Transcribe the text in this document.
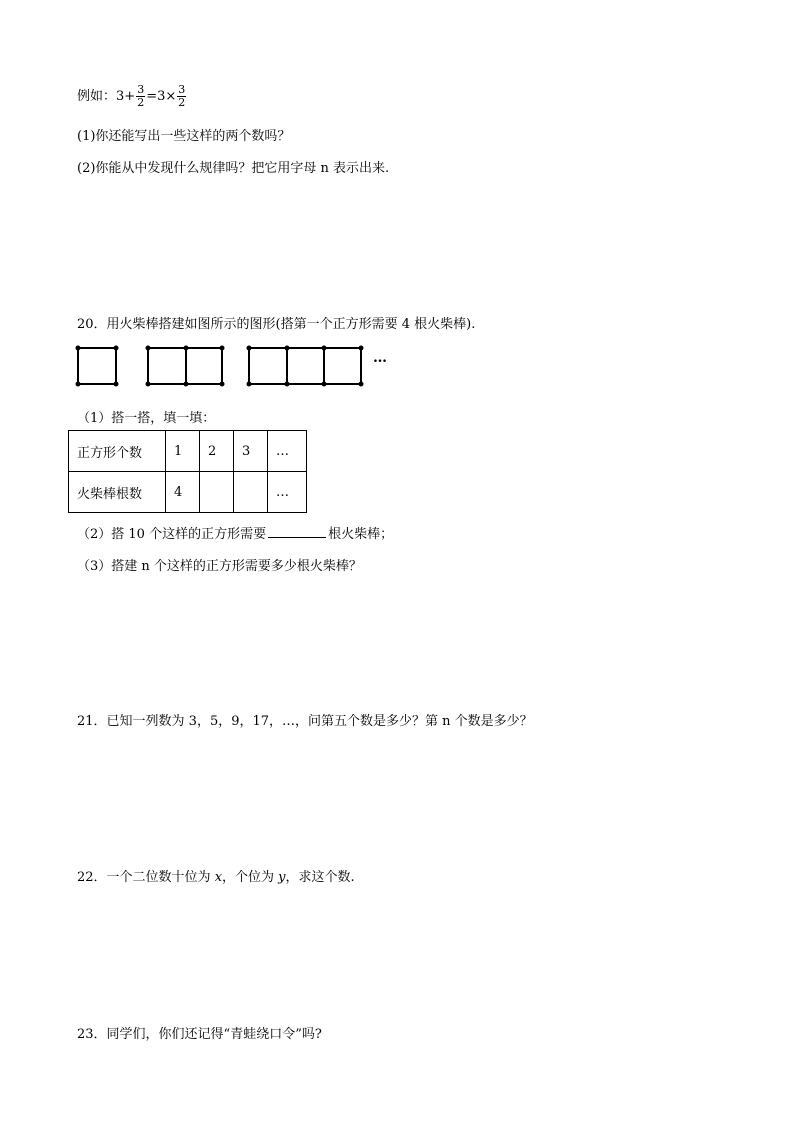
例如：$3+ \frac{3}{2} =3\times \frac{3}{2}$
(1)你还能写出一些这样的两个数吗？
(2)你能从中发现什么规律吗？把它用字母 n 表示出来.
20．用火柴棒搭建如图所示的图形(搭第一个正方形需要 4 根火柴棒).
…
（1）搭一搭，填一填：
正方形个数	1	2	3	…
火柴棒根数	4			…
（2）搭 10 个这样的正方形需要	根火柴棒；
（3）搭建 n 个这样的正方形需要多少根火柴棒？
21．已知一列数为 3，5，9，17，…，问第五个数是多少？第 n 个数是多少？
22．一个二位数十位为 x，个位为 y，求这个数.
23．同学们，你们还记得“青蛙绕口令”吗?
